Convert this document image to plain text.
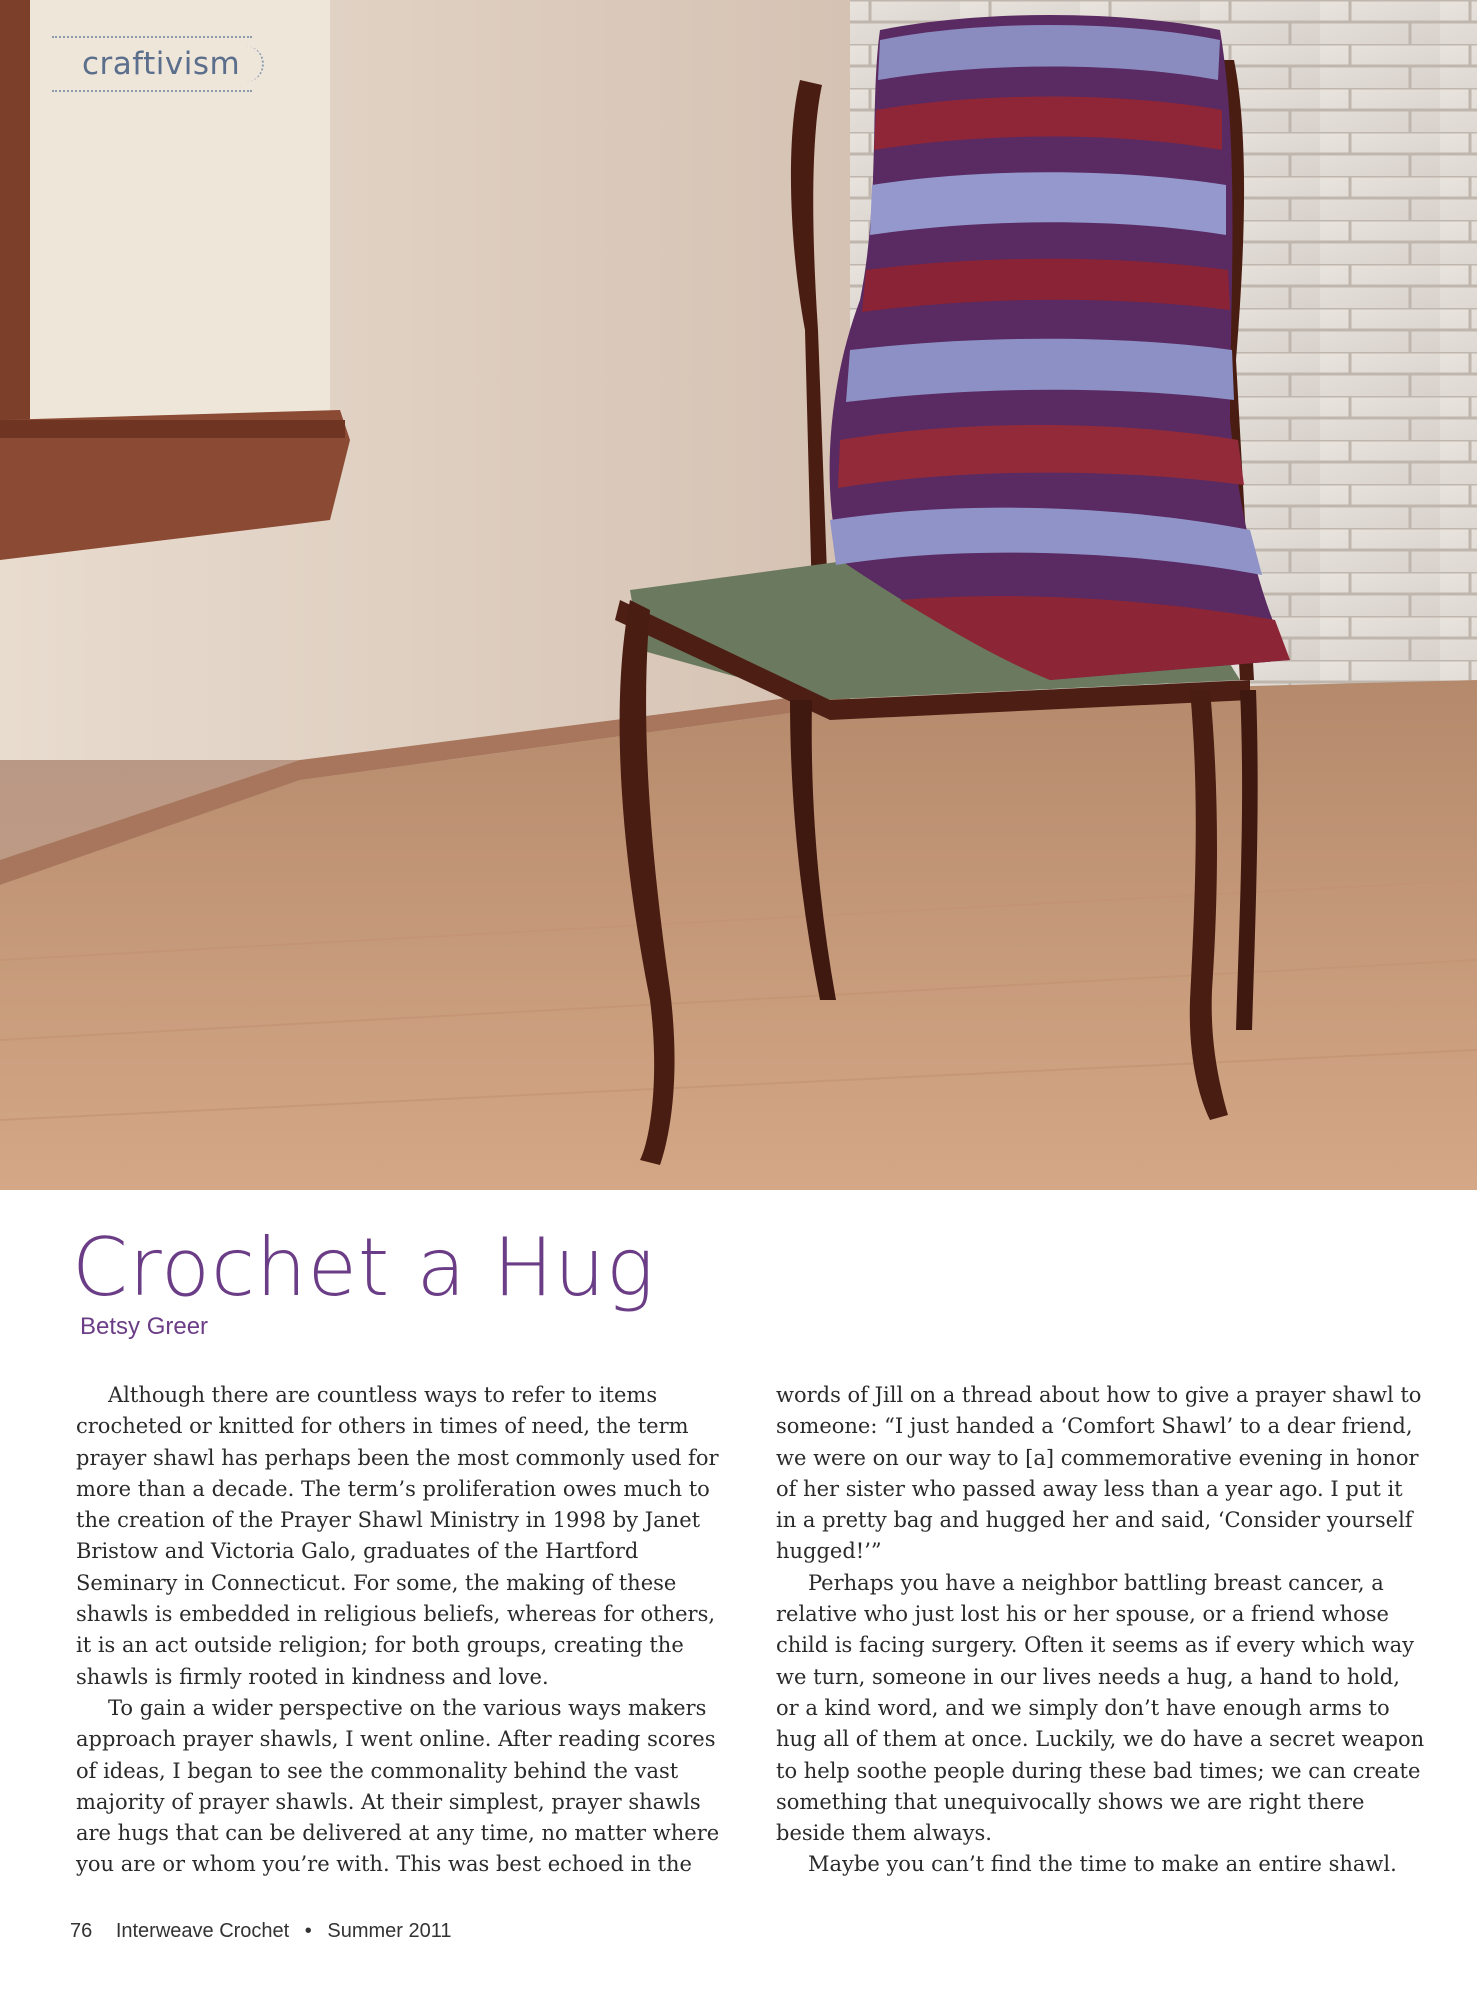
craftivism
Crochet a Hug
Betsy Greer

Although there are countless ways to refer to items crocheted or knitted for others in times of need, the term prayer shawl has perhaps been the most commonly used for more than a decade. The term’s proliferation owes much to the creation of the Prayer Shawl Ministry in 1998 by Janet Bristow and Victoria Galo, graduates of the Hartford Seminary in Connecticut. For some, the making of these shawls is embedded in religious beliefs, whereas for others, it is an act outside religion; for both groups, creating the shawls is firmly rooted in kindness and love.

To gain a wider perspective on the various ways makers approach prayer shawls, I went online. After reading scores of ideas, I began to see the commonality behind the vast majority of prayer shawls. At their simplest, prayer shawls are hugs that can be delivered at any time, no matter where you are or whom you’re with. This was best echoed in the

words of Jill on a thread about how to give a prayer shawl to someone: “I just handed a ‘Comfort Shawl’ to a dear friend, we were on our way to [a] commemorative evening in honor of her sister who passed away less than a year ago. I put it in a pretty bag and hugged her and said, ‘Consider yourself hugged!’”

Perhaps you have a neighbor battling breast cancer, a relative who just lost his or her spouse, or a friend whose child is facing surgery. Often it seems as if every which way we turn, someone in our lives needs a hug, a hand to hold, or a kind word, and we simply don’t have enough arms to hug all of them at once. Luckily, we do have a secret weapon to help soothe people during these bad times; we can create something that unequivocally shows we are right there beside them always.

Maybe you can’t find the time to make an entire shawl.

76 Interweave Crochet • Summer 2011
